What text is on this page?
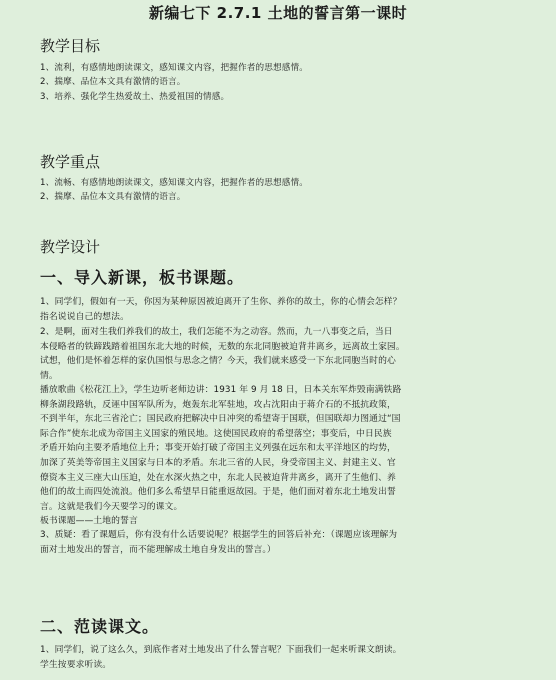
新编七下 2.7.1 土地的誓言第一课时
教学目标
1、流利，有感情地朗读课文，感知课文内容，把握作者的思想感情。
2、揣摩、品位本文具有激情的语言。
3、培养、强化学生热爱故土、热爱祖国的情感。
教学重点
1、流畅、有感情地朗读课文，感知课文内容，把握作者的思想感情。
2、揣摩、品位本文具有激情的语言。
教学设计
一、导入新课，板书课题。
1、同学们，假如有一天，你因为某种原因被迫离开了生你、养你的故土，你的心情会怎样？
指名说说自己的想法。
2、是啊，面对生我们养我们的故土，我们怎能不为之动容。然而，九一八事变之后，当日
本侵略者的铁蹄践踏着祖国东北大地的时候，无数的东北同胞被迫背井离乡，远离故土家园。
试想，他们是怀着怎样的家仇国恨与思念之情？今天，我们就来感受一下东北同胞当时的心
情。
播放歌曲《松花江上》，学生边听老师边讲：1931 年 9 月 18 日，日本关东军炸毁南满铁路
柳条湖段路轨，反诬中国军队所为，炮轰东北军驻地，攻占沈阳由于蒋介石的不抵抗政策，
不到半年，东北三省沦亡；国民政府把解决中日冲突的希望寄于国联，但国联却力图通过“国
际合作”使东北成为帝国主义国家的殖民地。这使国民政府的希望落空；事变后，中日民族
矛盾开始向主要矛盾地位上升；事变开始打破了帝国主义列强在远东和太平洋地区的均势，
加深了英美等帝国主义国家与日本的矛盾。东北三省的人民，身受帝国主义、封建主义、官
僚资本主义三座大山压迫，处在水深火热之中，东北人民被迫背井离乡，离开了生他们、养
他们的故土而四处流浪。他们多么希望早日能重返故园。于是，他们面对着东北土地发出誓
言。这就是我们今天要学习的课文。
板书课题——土地的誓言
3、质疑：看了课题后，你有没有什么话要说呢？根据学生的回答后补充：（课题应该理解为
面对土地发出的誓言，而不能理解成土地自身发出的誓言。）
二、范读课文。
1、同学们，说了这么久，到底作者对土地发出了什么誓言呢？下面我们一起来听课文朗读。
学生按要求听读。
